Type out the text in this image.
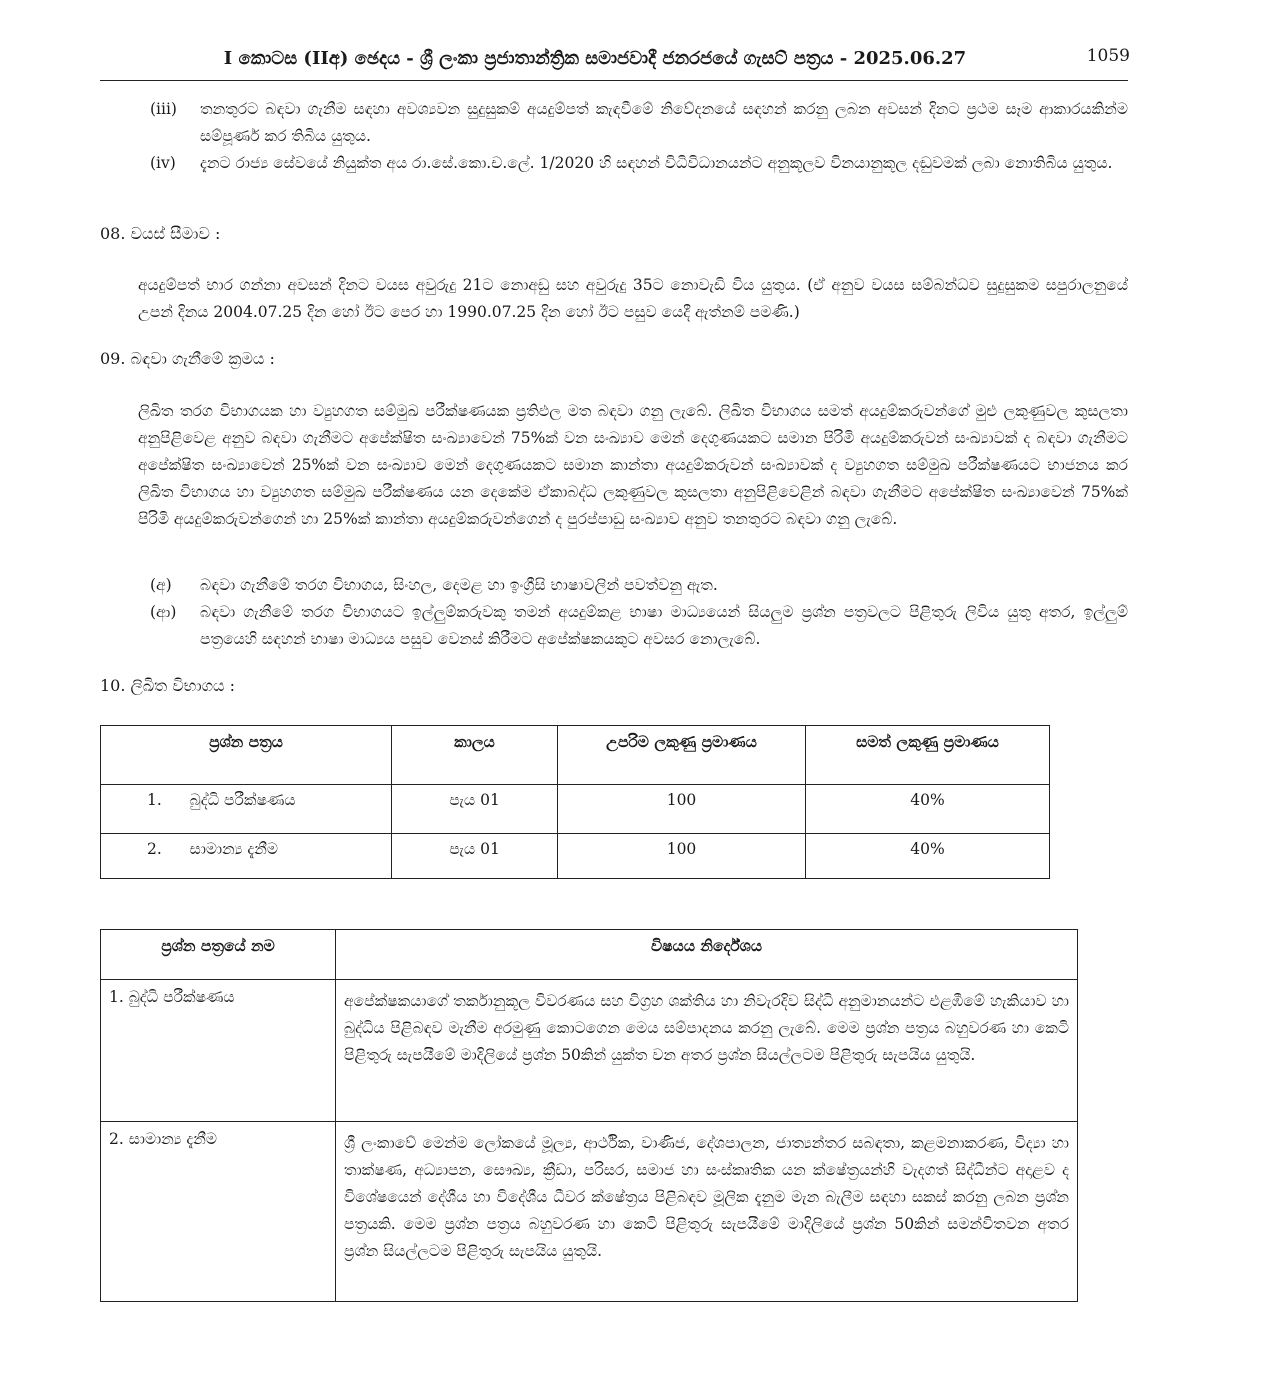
I කොටස (IIඅ) ඡෙදය - ශ්‍රී ලංකා ප්‍රජාතාන්ත්‍රික සමාජවාදී ජනරජයේ ගැසට් පත්‍රය - 2025.06.27	1059
(iii)	තනතුරට බඳවා ගැනීම සඳහා අවශ්‍යවන සුදුසුකම් අයදුම්පත් කැඳවීමේ නිවේදනයේ සඳහන් කරනු ලබන අවසන් දිනට ප්‍රථම සෑම ආකාරයකින්ම සම්පූර්ණ කර තිබිය යුතුය.
(iv)	දැනට රාජ්‍ය සේවයේ නියුක්ත අය රා.සේ.කො.ච.ලේ. 1/2020 හි සඳහන් විධිවිධානයන්ට අනුකූලව විනයානුකූල දඬුවමක් ලබා නොතිබිය යුතුය.
08. වයස් සීමාව :
අයදුම්පත් භාර ගන්නා අවසන් දිනට වයස අවුරුදු 21ට නොඅඩු සහ අවුරුදු 35ට නොවැඩි විය යුතුය. (ඒ අනුව වයස සම්බන්ධව සුදුසුකම සපුරාලනුයේ උපන් දිනය 2004.07.25 දින හෝ ඊට පෙර හා 1990.07.25 දින හෝ ඊට පසුව යෙදී ඇත්නම් පමණි.)
09. බඳවා ගැනීමේ ක්‍රමය :
ලිඛිත තරග විභාගයක හා ව්‍යුහගත සම්මුඛ පරීක්ෂණයක ප්‍රතිඵල මත බඳවා ගනු ලැබේ. ලිඛිත විභාගය සමත් අයදුම්කරුවන්ගේ මුළු ලකුණුවල කුසලතා අනුපිළිවෙළ අනුව බඳවා ගැනීමට අපේක්ෂිත සංඛ්‍යාවෙන් 75%ක් වන සංඛ්‍යාව මෙන් දෙගුණයකට සමාන පිරිමි අයදුම්කරුවන් සංඛ්‍යාවක් ද බඳවා ගැනීමට අපේක්ෂිත සංඛ්‍යාවෙන් 25%ක් වන සංඛ්‍යාව මෙන් දෙගුණයකට සමාන කාන්තා අයදුම්කරුවන් සංඛ්‍යාවක් ද ව්‍යුහගත සම්මුඛ පරීක්ෂණයට භාජනය කර ලිඛිත විභාගය හා ව්‍යුහගත සම්මුඛ පරීක්ෂණය යන දෙකේම ඒකාබද්ධ ලකුණුවල කුසලතා අනුපිළිවෙළින් බඳවා ගැනීමට අපේක්ෂිත සංඛ්‍යාවෙන් 75%ක් පිරිමි අයදුම්කරුවන්ගෙන් හා 25%ක් කාන්තා අයදුම්කරුවන්ගෙන් ද පුරප්පාඩු සංඛ්‍යාව අනුව තනතුරට බඳවා ගනු ලැබේ.
(අ)	බඳවා ගැනීමේ තරග විභාගය, සිංහල, දෙමළ හා ඉංග්‍රීසි භාෂාවලින් පවත්වනු ඇත.
(ආ)	බඳවා ගැනීමේ තරග විභාගයට ඉල්ලුම්කරුවකු තමන් අයදුම්කළ භාෂා මාධ්‍යයෙන් සියලුම ප්‍රශ්න පත්‍රවලට පිළිතුරු ලිවිය යුතු අතර, ඉල්ලුම් පත්‍රයෙහි සඳහන් භාෂා මාධ්‍යය පසුව වෙනස් කිරීමට අපේක්ෂකයකුට අවසර නොලැබේ.
10. ලිඛිත විභාගය :
ප්‍රශ්න පත්‍රය	කාලය	උපරිම ලකුණු ප්‍රමාණය	සමත් ලකුණු ප්‍රමාණය
1. බුද්ධි පරීක්ෂණය	පැය 01	100	40%
2. සාමාන්‍ය දැනීම	පැය 01	100	40%
ප්‍රශ්න පත්‍රයේ නම	විෂයය නිර්දේශය
1. බුද්ධි පරීක්ෂණය	අපේක්ෂකයාගේ තර්කානුකූල විවරණය සහ විග්‍රහ ශක්තිය හා නිවැරදිව සිද්ධි අනුමානයන්ට එළඹීමේ හැකියාව හා බුද්ධිය පිළිබඳව මැනීම අරමුණු කොටගෙන මෙය සම්පාදනය කරනු ලැබේ. මෙම ප්‍රශ්න පත්‍රය බහුවරණ හා කෙටි පිළිතුරු සැපයීමේ මාදිලියේ ප්‍රශ්න 50කින් යුක්ත වන අතර ප්‍රශ්න සියල්ලටම පිළිතුරු සැපයිය යුතුයි.
2. සාමාන්‍ය දැනීම	ශ්‍රී ලංකාවේ මෙන්ම ලෝකයේ මූල්‍ය, ආර්ථික, වාණිජ, දේශපාලන, ජාත්‍යන්තර සබඳතා, කළමනාකරණ, විද්‍යා හා තාක්ෂණ, අධ්‍යාපන, සෞඛ්‍ය, ක්‍රීඩා, පරිසර, සමාජ හා සංස්කෘතික යන ක්ෂේත්‍රයන්හි වැදගත් සිද්ධීන්ට අදාළව ද විශේෂයෙන් දේශීය හා විදේශීය ධීවර ක්ෂේත්‍රය පිළිබඳව මූලික දැනුම මැන බැලීම සඳහා සකස් කරනු ලබන ප්‍රශ්න පත්‍රයකි. මෙම ප්‍රශ්න පත්‍රය බහුවරණ හා කෙටි පිළිතුරු සැපයීමේ මාදිලියේ ප්‍රශ්න 50කින් සමන්විතවන අතර ප්‍රශ්න සියල්ලටම පිළිතුරු සැපයිය යුතුයි.
